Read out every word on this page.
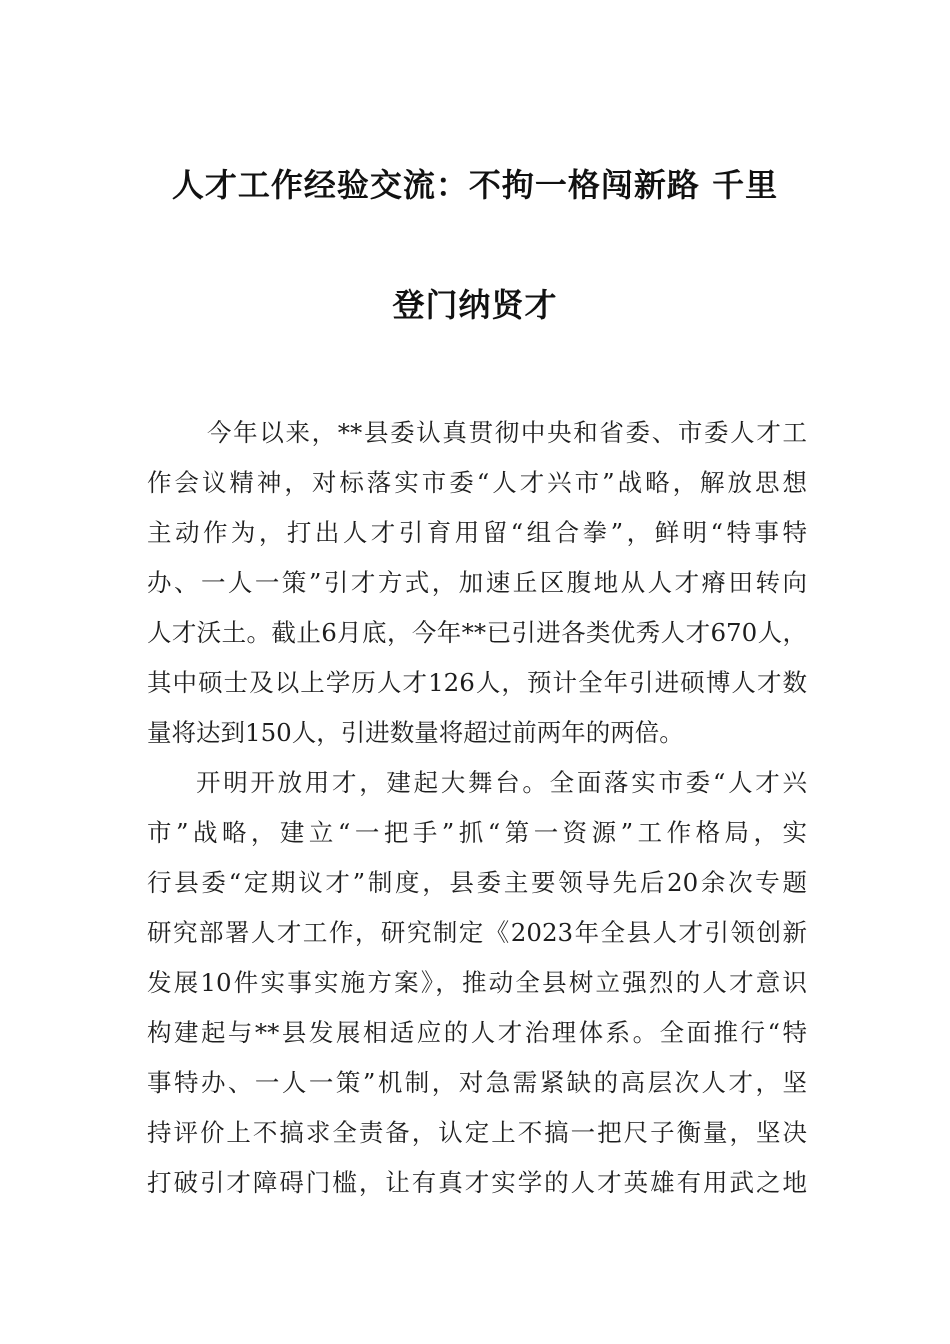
人才工作经验交流：不拘一格闯新路 千里
登门纳贤才
今年以来，**县委认真贯彻中央和省委、市委人才工
作会议精神，对标落实市委“人才兴市”战略，解放思想
主动作为，打出人才引育用留“组合拳”，鲜明“特事特
办、一人一策”引才方式，加速丘区腹地从人才瘠田转向
人才沃土。截止6月底，今年**已引进各类优秀人才670人，
其中硕士及以上学历人才126人，预计全年引进硕博人才数
量将达到150人，引进数量将超过前两年的两倍。
开明开放用才，建起大舞台。全面落实市委“人才兴
市”战略，建立“一把手”抓“第一资源”工作格局，实
行县委“定期议才”制度，县委主要领导先后20余次专题
研究部署人才工作，研究制定《2023年全县人才引领创新
发展10件实事实施方案》，推动全县树立强烈的人才意识
构建起与**县发展相适应的人才治理体系。全面推行“特
事特办、一人一策”机制，对急需紧缺的高层次人才，坚
持评价上不搞求全责备，认定上不搞一把尺子衡量，坚决
打破引才障碍门槛，让有真才实学的人才英雄有用武之地
